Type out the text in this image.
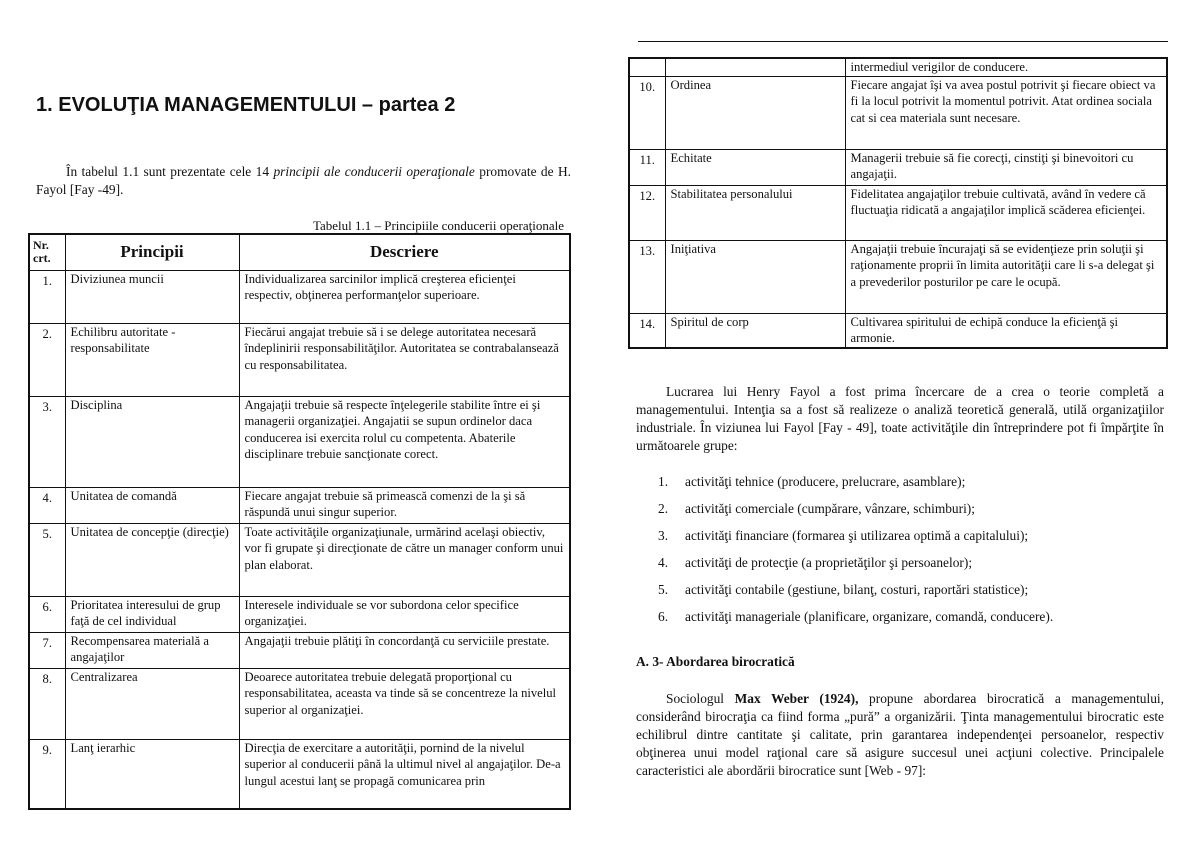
1. EVOLUŢIA MANAGEMENTULUI – partea 2
În tabelul 1.1 sunt prezentate cele 14 principii ale conducerii operaţionale promovate de H. Fayol [Fay -49].
Tabelul 1.1 – Principiile conducerii operaţionale
Nr. crt.	Principii	Descriere
1.	Diviziunea muncii	Individualizarea sarcinilor implică creşterea eficienţei respectiv, obţinerea performanţelor superioare.
2.	Echilibru autoritate - responsabilitate	Fiecărui angajat trebuie să i se delege autoritatea necesară îndeplinirii responsabilităţilor. Autoritatea se contrabalansează cu responsabilitatea.
3.	Disciplina	Angajaţii trebuie să respecte înţelegerile stabilite între ei şi managerii organizaţiei. Angajatii se supun ordinelor daca conducerea isi exercita rolul cu competenta. Abaterile disciplinare trebuie sancţionate corect.
4.	Unitatea de comandă	Fiecare angajat trebuie să primească comenzi de la şi să răspundă unui singur superior.
5.	Unitatea de concepţie (direcţie)	Toate activităţile organizaţiunale, urmărind acelaşi obiectiv, vor fi grupate şi direcţionate de către un manager conform unui plan elaborat.
6.	Prioritatea interesului de grup faţă de cel individual	Interesele individuale se vor subordona celor specifice organizaţiei.
7.	Recompensarea materială a angajaţilor	Angajaţii trebuie plătiţi în concordanţă cu serviciile prestate.
8.	Centralizarea	Deoarece autoritatea trebuie delegată proporţional cu responsabilitatea, aceasta va tinde să se concentreze la nivelul superior al organizaţiei.
9.	Lanţ ierarhic	Direcţia de exercitare a autorităţii, pornind de la nivelul superior al conducerii până la ultimul nivel al angajaţilor. De-a lungul acestui lanţ se propagă comunicarea prin
		intermediul verigilor de conducere.
10.	Ordinea	Fiecare angajat îşi va avea postul potrivit şi fiecare obiect va fi la locul potrivit la momentul potrivit. Atat ordinea sociala cat si cea materiala sunt necesare.
11.	Echitate	Managerii trebuie să fie corecţi, cinstiţi şi binevoitori cu angajaţii.
12.	Stabilitatea personalului	Fidelitatea angajaţilor trebuie cultivată, având în vedere că fluctuaţia ridicată a angajaţilor implică scăderea eficienţei.
13.	Iniţiativa	Angajaţii trebuie încurajaţi să se evidenţieze prin soluţii şi raţionamente proprii în limita autorităţii care li s-a delegat şi a prevederilor posturilor pe care le ocupă.
14.	Spiritul de corp	Cultivarea spiritului de echipă conduce la eficienţă şi armonie.
Lucrarea lui Henry Fayol a fost prima încercare de a crea o teorie completă a managementului. Intenţia sa a fost să realizeze o analiză teoretică generală, utilă organizaţiilor industriale. În viziunea lui Fayol [Fay - 49], toate activităţile din întreprindere pot fi împărţite în următoarele grupe:
1.	activităţi tehnice (producere, prelucrare, asamblare);
2.	activităţi comerciale (cumpărare, vânzare, schimburi);
3.	activităţi financiare (formarea şi utilizarea optimă a capitalului);
4.	activităţi de protecţie (a proprietăţilor şi persoanelor);
5.	activităţi contabile (gestiune, bilanţ, costuri, raportări statistice);
6.	activităţi manageriale (planificare, organizare, comandă, conducere).
A. 3- Abordarea birocratică
Sociologul Max Weber (1924), propune abordarea birocratică a managementului, considerând birocraţia ca fiind forma „pură” a organizării. Ţinta managementului birocratic este echilibrul dintre cantitate şi calitate, prin garantarea independenţei persoanelor, respectiv obţinerea unui model raţional care să asigure succesul unei acţiuni colective. Principalele caracteristici ale abordării birocratice sunt [Web - 97]:
